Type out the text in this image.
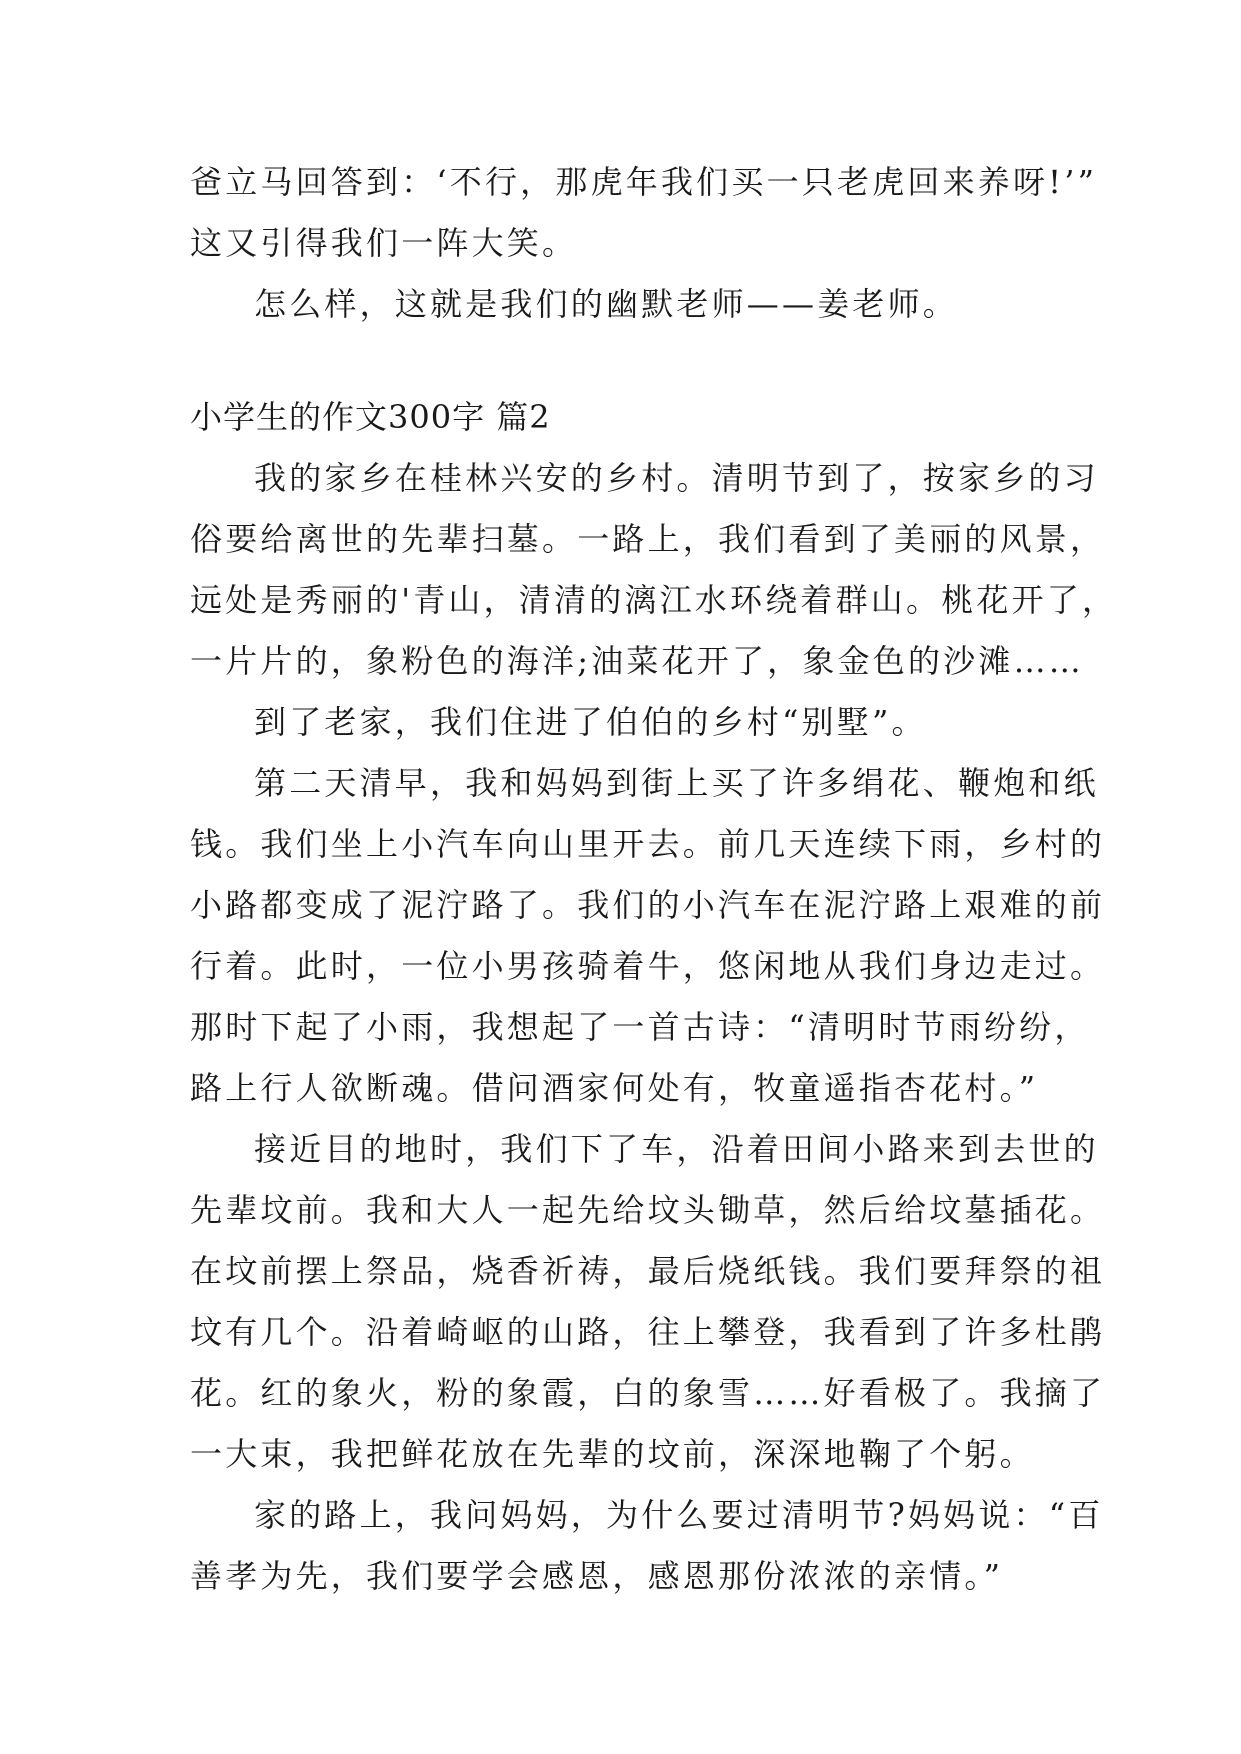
爸立马回答到：‘不行，那虎年我们买一只老虎回来养呀!’”
这又引得我们一阵大笑。
怎么样，这就是我们的幽默老师——姜老师。
小学生的作文300字 篇2
我的家乡在桂林兴安的乡村。清明节到了，按家乡的习
俗要给离世的先辈扫墓。一路上，我们看到了美丽的风景，
远处是秀丽的'青山，清清的漓江水环绕着群山。桃花开了，
一片片的，象粉色的海洋;油菜花开了，象金色的沙滩……
到了老家，我们住进了伯伯的乡村“别墅”。
第二天清早，我和妈妈到街上买了许多绢花、鞭炮和纸
钱。我们坐上小汽车向山里开去。前几天连续下雨，乡村的
小路都变成了泥泞路了。我们的小汽车在泥泞路上艰难的前
行着。此时，一位小男孩骑着牛，悠闲地从我们身边走过。
那时下起了小雨，我想起了一首古诗：“清明时节雨纷纷，
路上行人欲断魂。借问酒家何处有，牧童遥指杏花村。”
接近目的地时，我们下了车，沿着田间小路来到去世的
先辈坟前。我和大人一起先给坟头锄草，然后给坟墓插花。
在坟前摆上祭品，烧香祈祷，最后烧纸钱。我们要拜祭的祖
坟有几个。沿着崎岖的山路，往上攀登，我看到了许多杜鹃
花。红的象火，粉的象霞，白的象雪……好看极了。我摘了
一大束，我把鲜花放在先辈的坟前，深深地鞠了个躬。
家的路上，我问妈妈，为什么要过清明节?妈妈说：“百
善孝为先，我们要学会感恩，感恩那份浓浓的亲情。”
